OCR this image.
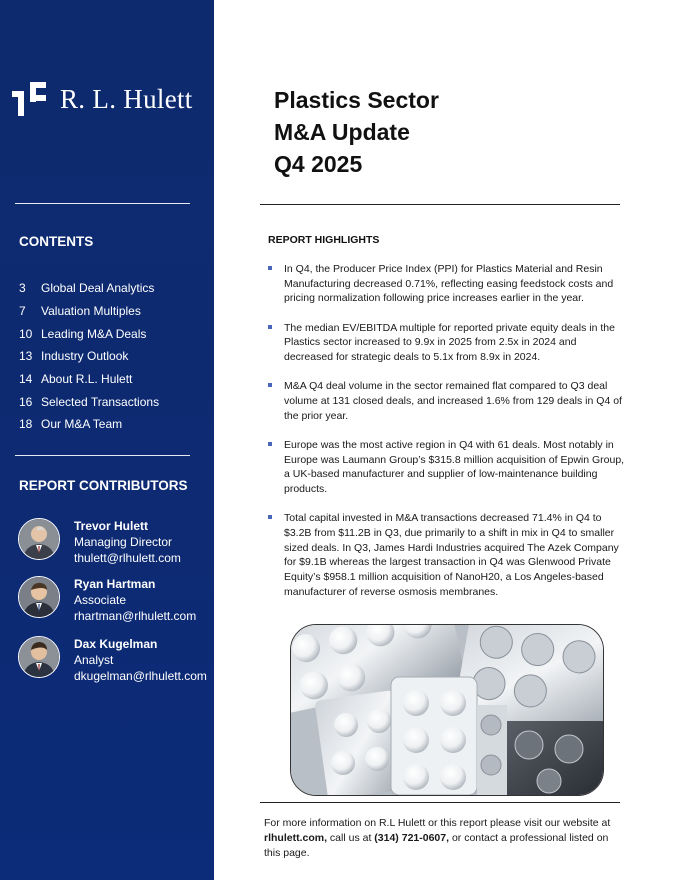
R. L. Hulett
CONTENTS
3	Global Deal Analytics
7	Valuation Multiples
10 Leading M&A Deals
13 Industry Outlook
14 About R.L. Hulett
16 Selected Transactions
18 Our M&A Team
REPORT CONTRIBUTORS
Trevor Hulett
Managing Director
thulett@rlhulett.com
Ryan Hartman
Associate
rhartman@rlhulett.com
Dax Kugelman
Analyst
dkugelman@rlhulett.com
Plastics Sector
M&A Update
Q4 2025
REPORT HIGHLIGHTS
In Q4, the Producer Price Index (PPI) for Plastics Material and Resin Manufacturing decreased 0.71%, reflecting easing feedstock costs and pricing normalization following price increases earlier in the year.
The median EV/EBITDA multiple for reported private equity deals in the Plastics sector increased to 9.9x in 2025 from 2.5x in 2024 and decreased for strategic deals to 5.1x from 8.9x in 2024.
M&A Q4 deal volume in the sector remained flat compared to Q3 deal volume at 131 closed deals, and increased 1.6% from 129 deals in Q4 of the prior year.
Europe was the most active region in Q4 with 61 deals. Most notably in Europe was Laumann Group’s $315.8 million acquisition of Epwin Group, a UK-based manufacturer and supplier of low-maintenance building products.
Total capital invested in M&A transactions decreased 71.4% in Q4 to $3.2B from $11.2B in Q3, due primarily to a shift in mix in Q4 to smaller sized deals. In Q3, James Hardi Industries acquired The Azek Company for $9.1B whereas the largest transaction in Q4 was Glenwood Private Equity’s $958.1 million acquisition of NanoH20, a Los Angeles-based manufacturer of reverse osmosis membranes.
For more information on R.L Hulett or this report please visit our website at rlhulett.com, call us at (314) 721-0607, or contact a professional listed on this page.
